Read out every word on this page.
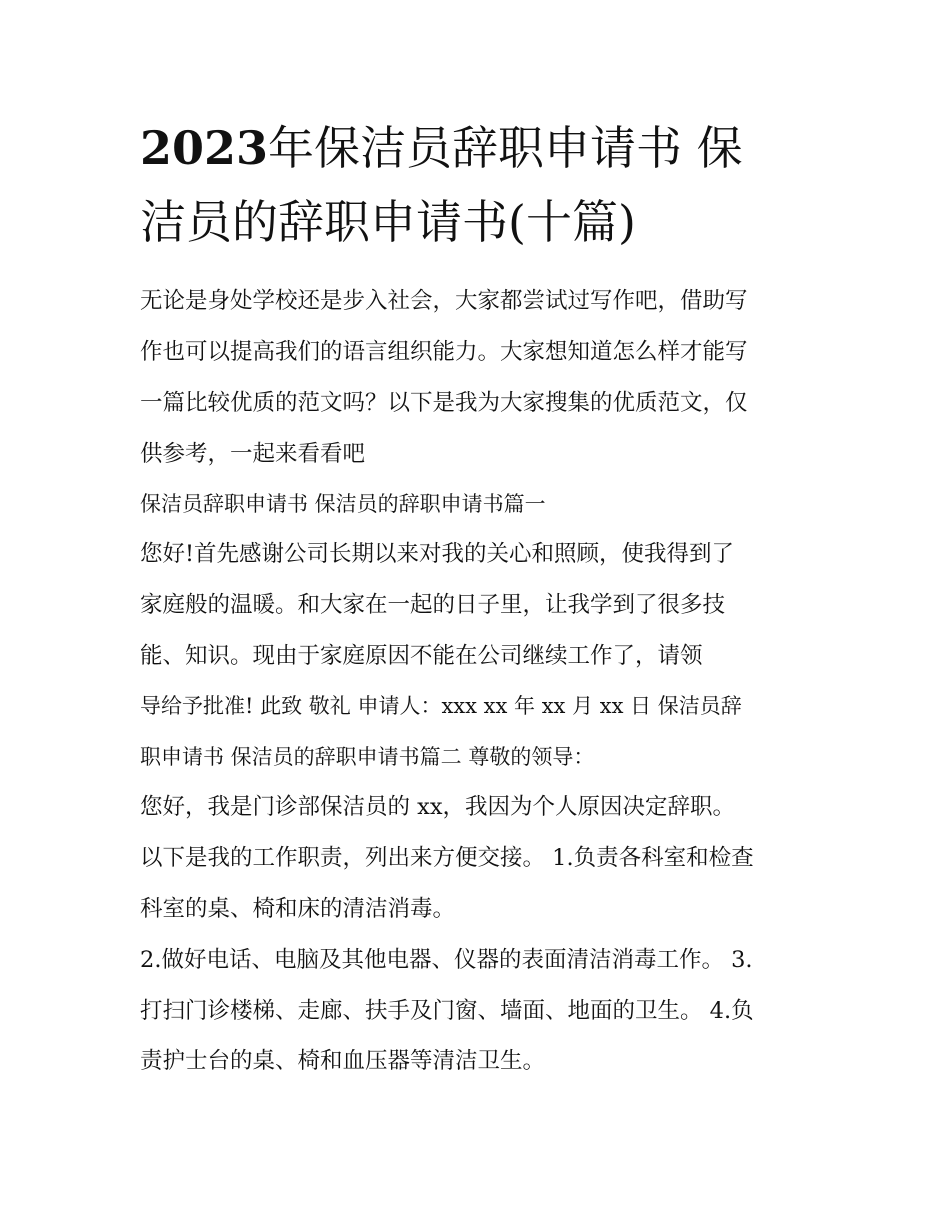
2023年保洁员辞职申请书 保
洁员的辞职申请书(十篇)

无论是身处学校还是步入社会，大家都尝试过写作吧，借助写

作也可以提高我们的语言组织能力。大家想知道怎么样才能写

一篇比较优质的范文吗？以下是我为大家搜集的优质范文，仅

供参考，一起来看看吧

保洁员辞职申请书 保洁员的辞职申请书篇一

您好!首先感谢公司长期以来对我的关心和照顾，使我得到了

家庭般的温暖。和大家在一起的日子里，让我学到了很多技

能、知识。现由于家庭原因不能在公司继续工作了，请领

导给予批准! 此致 敬礼 申请人：xxx xx 年 xx 月 xx 日 保洁员辞

职申请书 保洁员的辞职申请书篇二 尊敬的领导：

您好，我是门诊部保洁员的 xx，我因为个人原因决定辞职。

以下是我的工作职责，列出来方便交接。 1.负责各科室和检查

科室的桌、椅和床的清洁消毒。

2.做好电话、电脑及其他电器、仪器的表面清洁消毒工作。 3.

打扫门诊楼梯、走廊、扶手及门窗、墙面、地面的卫生。 4.负

责护士台的桌、椅和血压器等清洁卫生。
